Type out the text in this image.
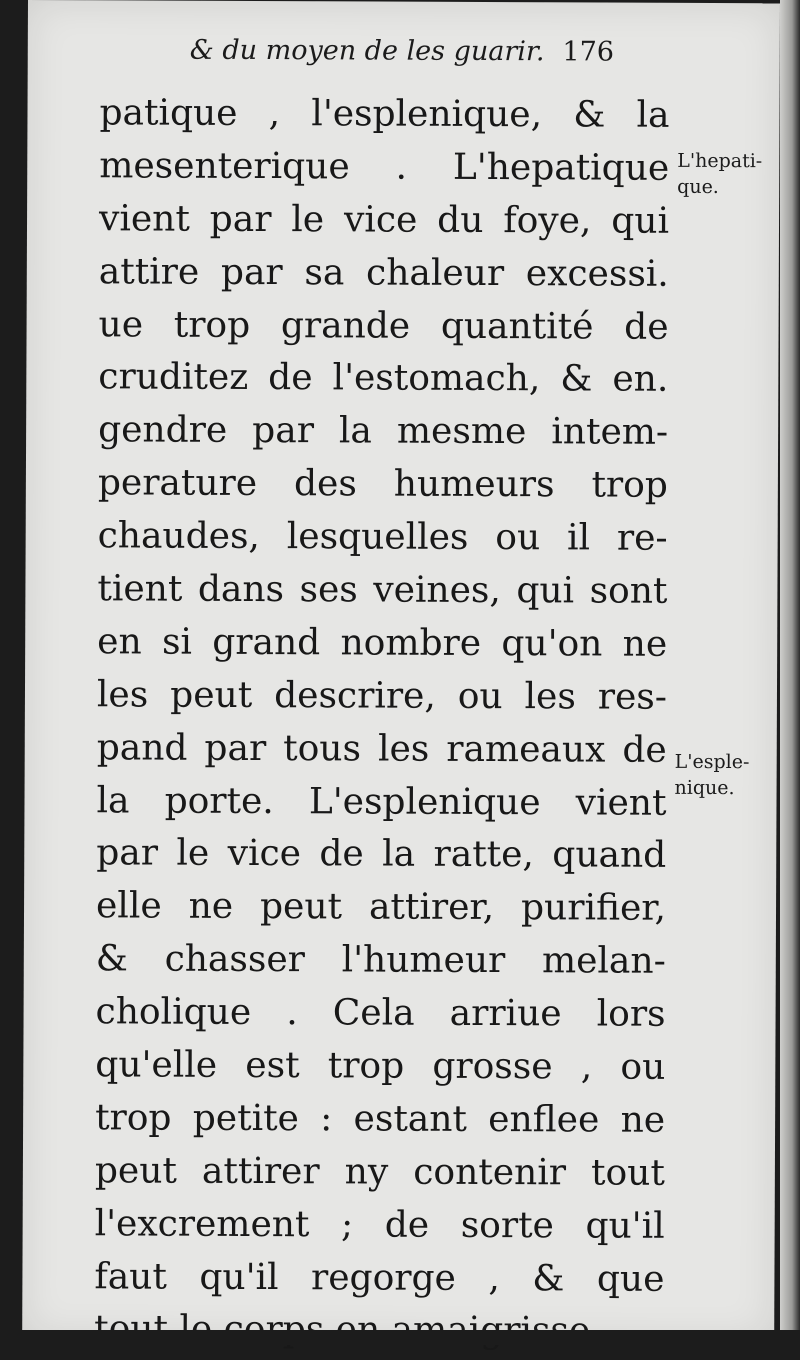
& du moyen de les guarir. 176
patique , l'esplenique, & la
mesenterique . L'hepatique
vient par le vice du foye, qui
attire par sa chaleur excessi.
ue trop grande quantité de
cruditez de l'estomach, & en.
gendre par la mesme intem-
perature des humeurs trop
chaudes, lesquelles ou il re-
tient dans ses veines, qui sont
en si grand nombre qu'on ne
les peut descrire, ou les res-
pand par tous les rameaux de
la porte. L'esplenique vient
par le vice de la ratte, quand
elle ne peut attirer, purifier,
& chasser l'humeur melan-
cholique . Cela arriue lors
qu'elle est trop grosse , ou
trop petite : estant enflee ne
peut attirer ny contenir tout
l'excrement ; de sorte qu'il
faut qu'il regorge , & que
L'hepati-
que.
L'esple-
nique.
